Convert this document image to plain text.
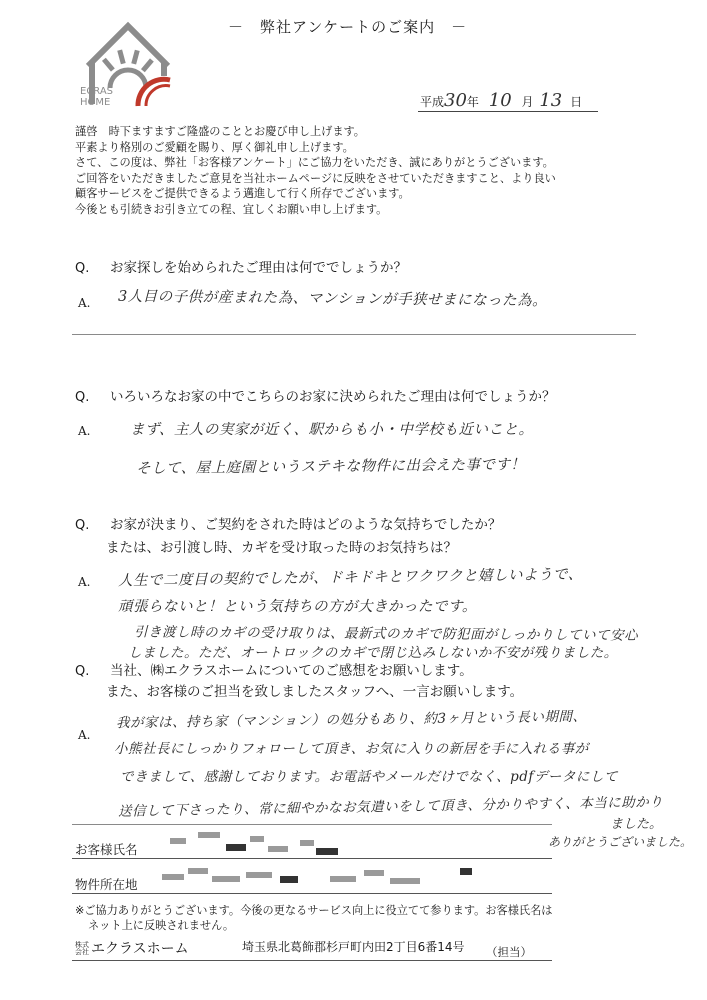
－　弊社アンケートのご案内　－
ECRAS
HOME	平成30年 10 月 13 日
謹啓　時下ますますご隆盛のこととお慶び申し上げます。
平素より格別のご愛顧を賜り、厚く御礼申し上げます。
さて、この度は、弊社「お客様アンケート」にご協力をいただき、誠にありがとうございます。
ご回答をいただきましたご意見を当社ホームページに反映をさせていただきますこと、より良い
顧客サービスをご提供できるよう邁進して行く所存でございます。
今後とも引続きお引き立ての程、宜しくお願い申し上げます。
Q. お家探しを始められたご理由は何ででしょうか？
A. 3人目の子供が産まれた為、マンションが手狭せまになった為。
Q. いろいろなお家の中でこちらのお家に決められたご理由は何でしょうか？
A.	まず、主人の実家が近く、駅からも小・中学校も近いこと。
そして、屋上庭園というステキな物件に出会えた事です！
Q. お家が決まり、ご契約をされた時はどのような気持ちでしたか？
または、お引渡し時、カギを受け取った時のお気持ちは？
A. 人生で二度目の契約でしたが、ドキドキとワクワクと嬉しいようで、
頑張らないと！という気持ちの方が大きかったです。
引き渡し時のカギの受け取りは、最新式のカギで防犯面がしっかりしていて安心
しました。ただ、オートロックのカギで閉じ込みしないか不安が残りました。
Q. 当社、㈱エクラスホームについてのご感想をお願いします。
また、お客様のご担当を致しましたスタッフへ、一言お願いします。
A.
我が家は、持ち家（マンション）の処分もあり、約3ヶ月という長い期間、
小熊社長にしっかりフォローして頂き、お気に入りの新居を手に入れる事が
できまして、感謝しております。お電話やメールだけでなく、pdfデータにして
送信して下さったり、常に細やかなお気遣いをして頂き、分かりやすく、本当に助かり
ました。
ありがとうございました。
お客様氏名
物件所在地
※ご協力ありがとうございます。今後の更なるサービス向上に役立てて参ります。お客様氏名は
ネット上に反映されません。
株式
会社 エクラスホーム	埼玉県北葛飾郡杉戸町内田2丁目6番14号 （担当）
